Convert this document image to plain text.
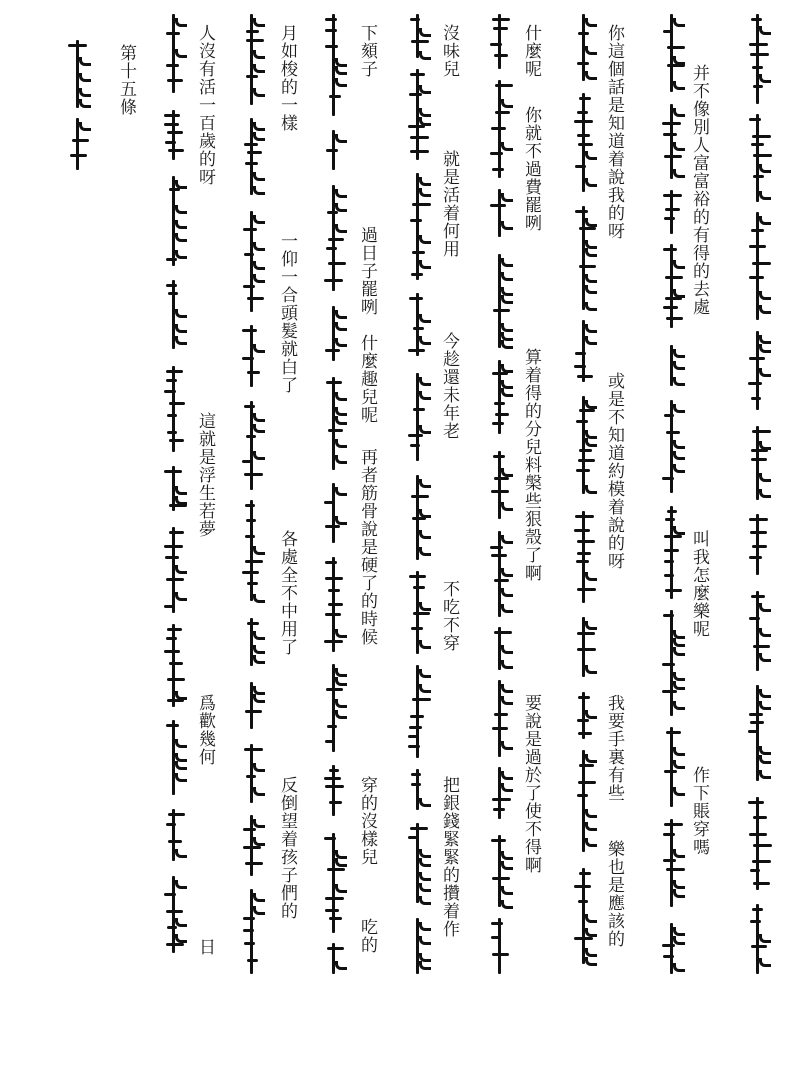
并不像別人富富裕的有得的去處
叫我怎麼樂呢
作下賬穿嗎
你這個話是知道着說我的呀
或是不知道約模着說的呀
我要手裏有些
樂也是應該的
什麼呢
你就不過費罷咧
算着得的分兒料槃些狠殼了啊
要說是過於了使不得啊
沒味兒
就是活着何用
今趁還未年老
不吃不穿
把銀錢緊緊的攢着作
下頦子
過日子罷咧
什麼趣兒呢
再者筋骨說是硬了的時候
穿的沒樣兒
吃的
月如梭的一樣
一仰一合頭髮就白了
各處全不中用了
反倒望着孩子們的
人沒有活一百歲的呀
這就是浮生若夢
爲歡幾何
日
第十五條
